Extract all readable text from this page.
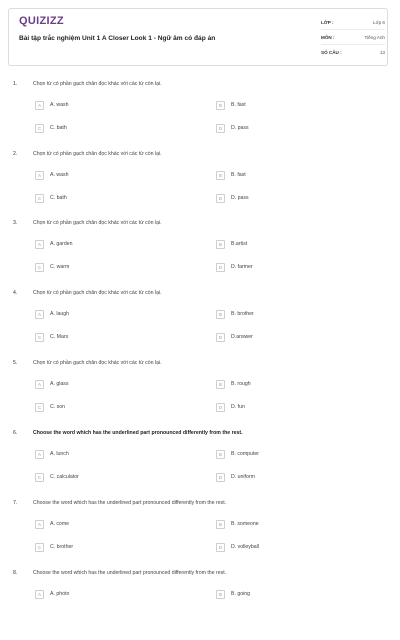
QUIZIZZ
Bài tập trắc nghiệm Unit 1 A Closer Look 1 - Ngữ âm có đáp án
LỚP :	Lớp 6
MÔN :	Tiếng Anh
SỐ CÂU :	13
1.	Chọn từ có phần gạch chân đọc khác với các từ còn lại.
A	A. wash	B	B. fast
C	C. bath	D	D. pass
2.	Chọn từ có phần gạch chân đọc khác với các từ còn lại.
A	A. wash	B	B. fast
C	C. bath	D	D. pass
3.	Chọn từ có phần gạch chân đọc khác với các từ còn lại.
A	A. garden	B	B.artist
C	C. warm	D	D. farmer
4.	Chọn từ có phần gạch chân đọc khác với các từ còn lại.
A	A. laugh	B	B. brother
C	C. Mars	D	D.answer
5.	Chọn từ có phần gạch chân đọc khác với các từ còn lại.
A	A. glass	B	B. rough
C	C. son	D	D. fun
6.	Choose the word which has the underlined part pronounced differently from the rest.
A	A. lunch	B	B. computer
C	C. calculator	D	D. uniform
7.	Choose the word which has the underlined part pronounced differently from the rest.
A	A. come	B	B. someone
C	C. brother	D	D. volleyball
8.	Choose the word which has the underlined part pronounced differently from the rest.
A	A. photo	B	B. going
